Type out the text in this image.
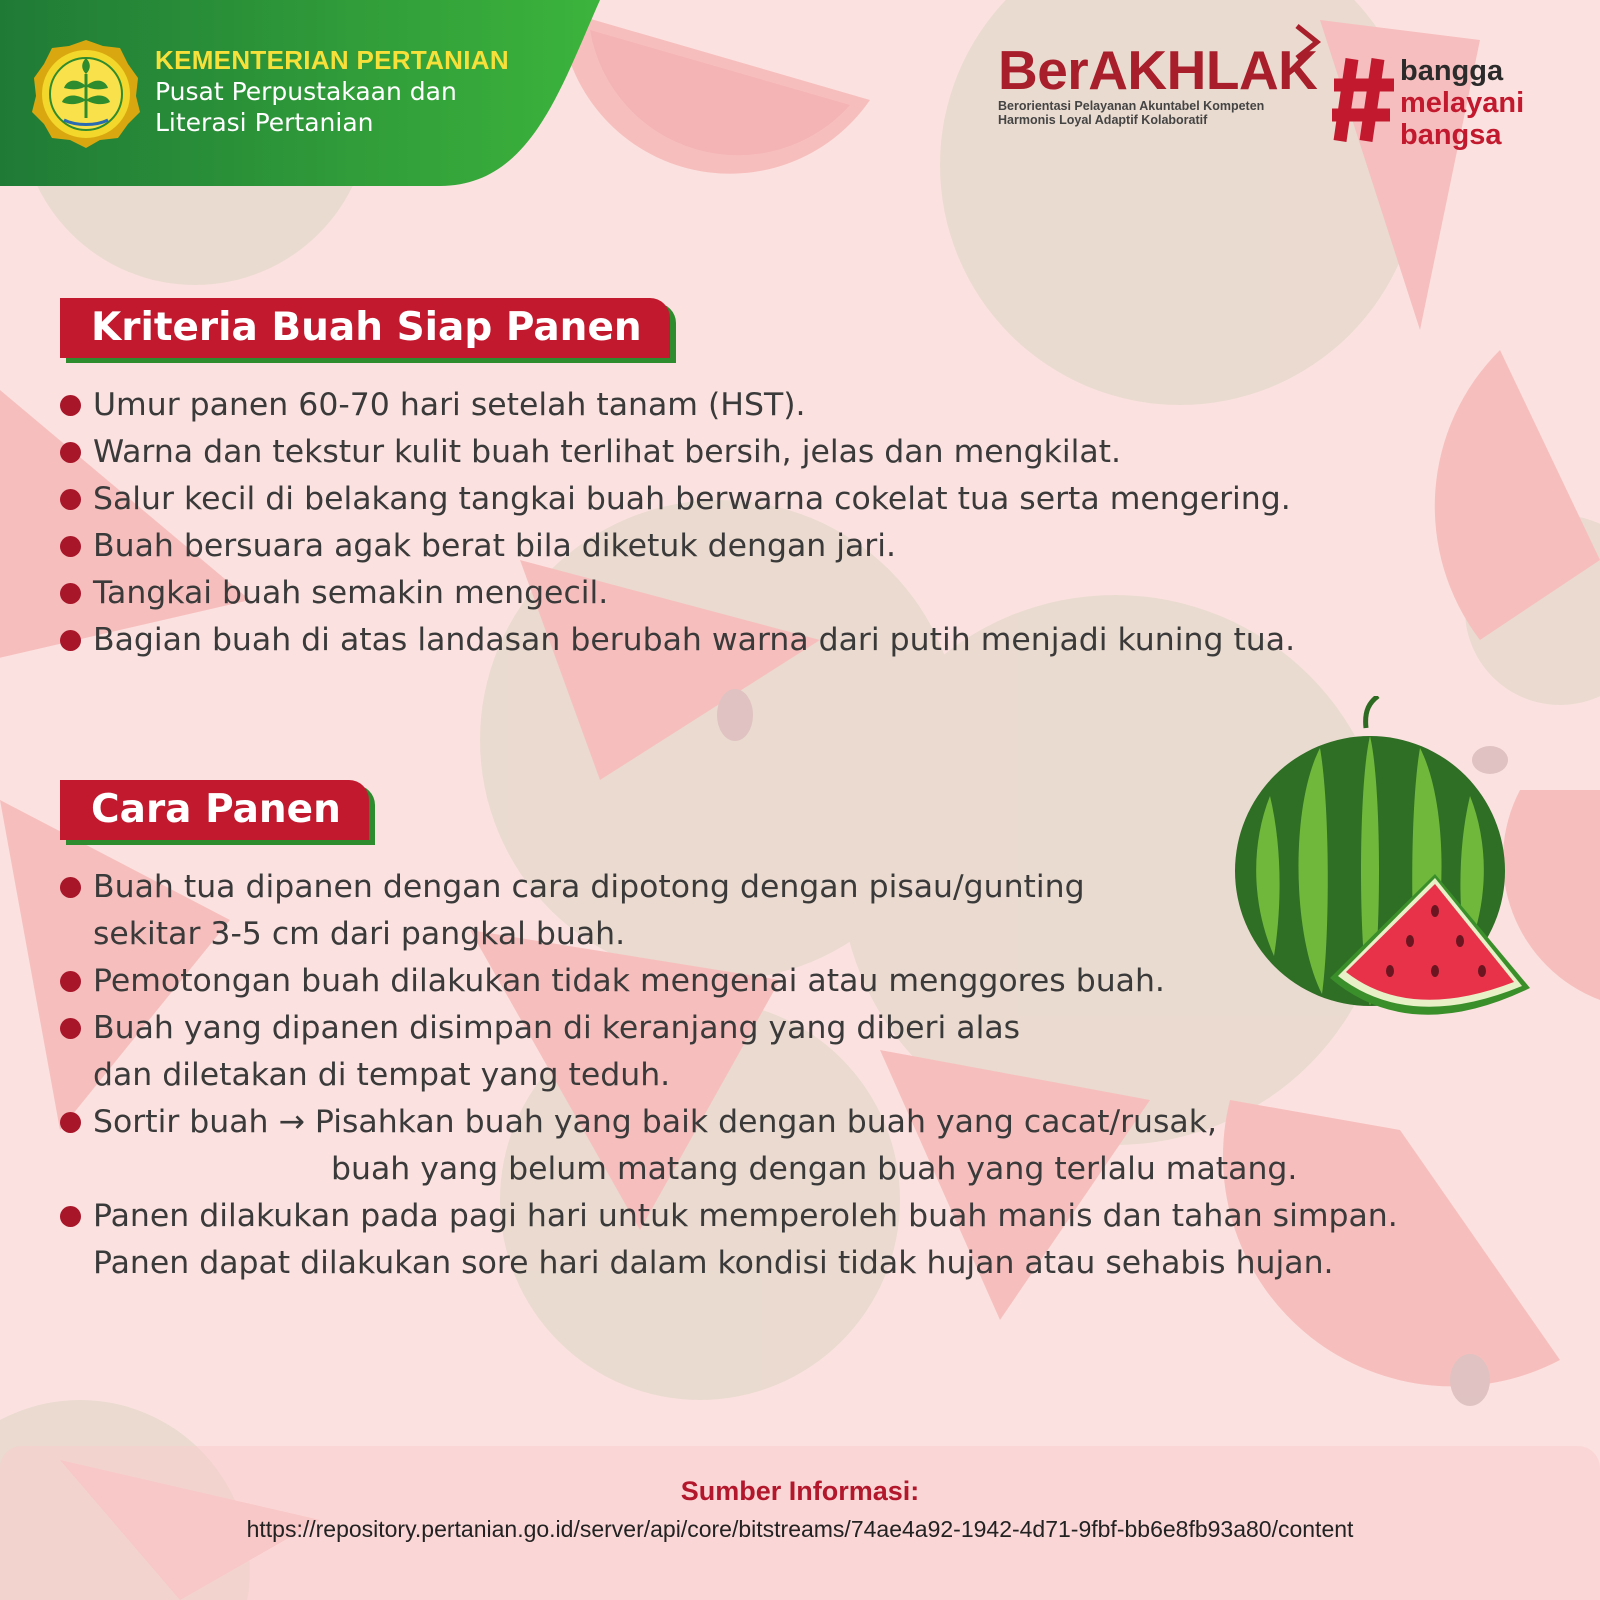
KEMENTERIAN PERTANIAN
Pusat Perpustakaan dan
Literasi Pertanian
BerAKHLAK
Berorientasi Pelayanan Akuntabel Kompeten
Harmonis Loyal Adaptif Kolaboratif
bangga
melayani
bangsa
Kriteria Buah Siap Panen
Umur panen 60-70 hari setelah tanam (HST).
Warna dan tekstur kulit buah terlihat bersih, jelas dan mengkilat.
Salur kecil di belakang tangkai buah berwarna cokelat tua serta mengering.
Buah bersuara agak berat bila diketuk dengan jari.
Tangkai buah semakin mengecil.
Bagian buah di atas landasan berubah warna dari putih menjadi kuning tua.
Cara Panen
Buah tua dipanen dengan cara dipotong dengan pisau/gunting
sekitar 3-5 cm dari pangkal buah.
Pemotongan buah dilakukan tidak mengenai atau menggores buah.
Buah yang dipanen disimpan di keranjang yang diberi alas
dan diletakan di tempat yang teduh.
Sortir buah → Pisahkan buah yang baik dengan buah yang cacat/rusak,
buah yang belum matang dengan buah yang terlalu matang.
Panen dilakukan pada pagi hari untuk memperoleh buah manis dan tahan simpan.
Panen dapat dilakukan sore hari dalam kondisi tidak hujan atau sehabis hujan.
Sumber Informasi:
https://repository.pertanian.go.id/server/api/core/bitstreams/74ae4a92-1942-4d71-9fbf-bb6e8fb93a80/content
